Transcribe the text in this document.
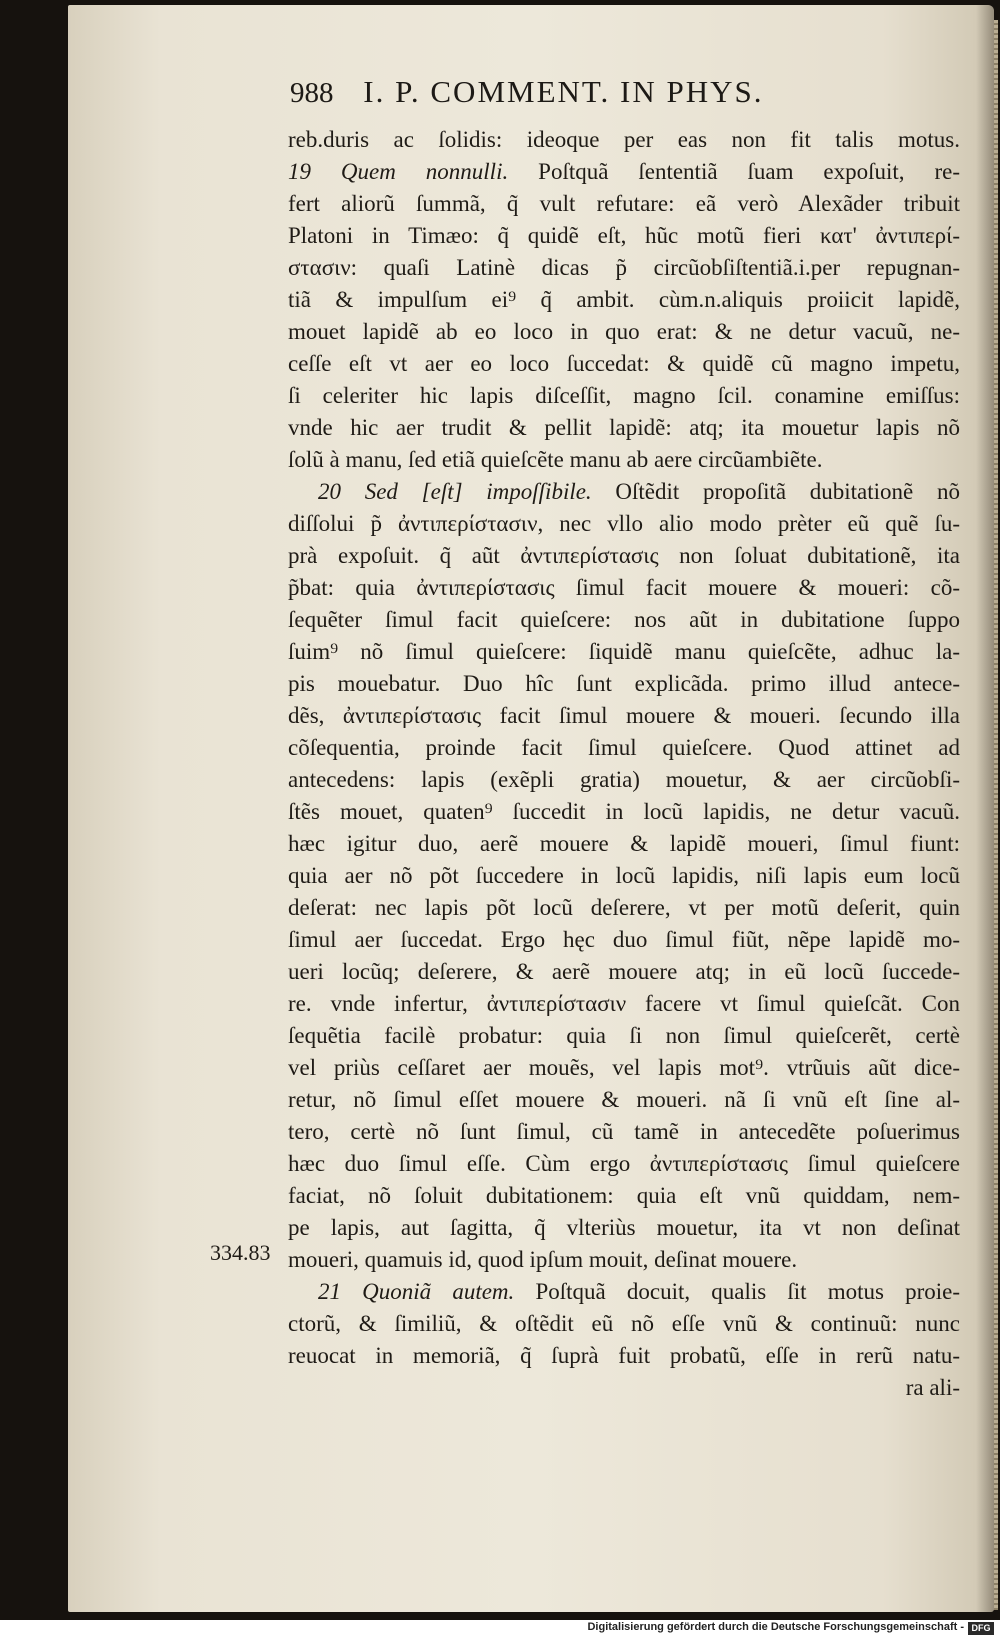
988 I. P. COMMENT. IN PHYS.
334.83
reb.duris ac ſolidis: ideoque per eas non fit talis motus.
19 Quem nonnulli. Poſtquã ſententiã ſuam expoſuit, re-
fert aliorũ ſummã, q̃ vult refutare: eã verò Alexãder tribuit
Platoni in Timæo: q̃ quidẽ eſt, hũc motũ fieri κατ' ἀντιπερί-
στασιν: quaſi Latinè dicas p̃ circũobſiſtentiã.i.per repugnan-
tiã & impulſum ei⁹ q̃ ambit. cùm.n.aliquis proiicit lapidẽ,
mouet lapidẽ ab eo loco in quo erat: & ne detur vacuũ, ne-
ceſſe eſt vt aer eo loco ſuccedat: & quidẽ cũ magno impetu,
ſi celeriter hic lapis diſceſſit, magno ſcil. conamine emiſſus:
vnde hic aer trudit & pellit lapidẽ: atq; ita mouetur lapis nõ
ſolũ à manu, ſed etiã quieſcẽte manu ab aere circũambiẽte.
20 Sed [eſt] impoſſibile. Oſtẽdit propoſitã dubitationẽ nõ
diſſolui p̃ ἀντιπερίστασιν, nec vllo alio modo prèter eũ quẽ ſu-
prà expoſuit. q̃ aũt ἀντιπερίστασις non ſoluat dubitationẽ, ita
p̃bat: quia ἀντιπερίστασις ſimul facit mouere & moueri: cõ-
ſequẽter ſimul facit quieſcere: nos aũt in dubitatione ſuppo
ſuim⁹ nõ ſimul quieſcere: ſiquidẽ manu quieſcẽte, adhuc la-
pis mouebatur. Duo hîc ſunt explicãda. primo illud antece-
dẽs, ἀντιπερίστασις facit ſimul mouere & moueri. ſecundo illa
cõſequentia, proinde facit ſimul quieſcere. Quod attinet ad
antecedens: lapis (exẽpli gratia) mouetur, & aer circũobſi-
ſtẽs mouet, quaten⁹ ſuccedit in locũ lapidis, ne detur vacuũ.
hæc igitur duo, aerẽ mouere & lapidẽ moueri, ſimul fiunt:
quia aer nõ põt ſuccedere in locũ lapidis, niſi lapis eum locũ
deſerat: nec lapis põt locũ deſerere, vt per motũ deſerit, quin
ſimul aer ſuccedat. Ergo hęc duo ſimul fiũt, nẽpe lapidẽ mo-
ueri locũq; deſerere, & aerẽ mouere atq; in eũ locũ ſuccede-
re. vnde infertur, ἀντιπερίστασιν facere vt ſimul quieſcãt. Con
ſequẽtia facilè probatur: quia ſi non ſimul quieſcerẽt, certè
vel priùs ceſſaret aer mouẽs, vel lapis mot⁹. vtrũuis aũt dice-
retur, nõ ſimul eſſet mouere & moueri. nã ſi vnũ eſt ſine al-
tero, certè nõ ſunt ſimul, cũ tamẽ in antecedẽte poſuerimus
hæc duo ſimul eſſe. Cùm ergo ἀντιπερίστασις ſimul quieſcere
faciat, nõ ſoluit dubitationem: quia eſt vnũ quiddam, nem-
pe lapis, aut ſagitta, q̃ vlteriùs mouetur, ita vt non deſinat
moueri, quamuis id, quod ipſum mouit, deſinat mouere.
21 Quoniã autem. Poſtquã docuit, qualis ſit motus proie-
ctorũ, & ſimiliũ, & oſtẽdit eũ nõ eſſe vnũ & continuũ: nunc
reuocat in memoriã, q̃ ſuprà fuit probatũ, eſſe in rerũ natu-
ra ali-
Digitalisierung gefördert durch die Deutsche Forschungsgemeinschaft - DFG
